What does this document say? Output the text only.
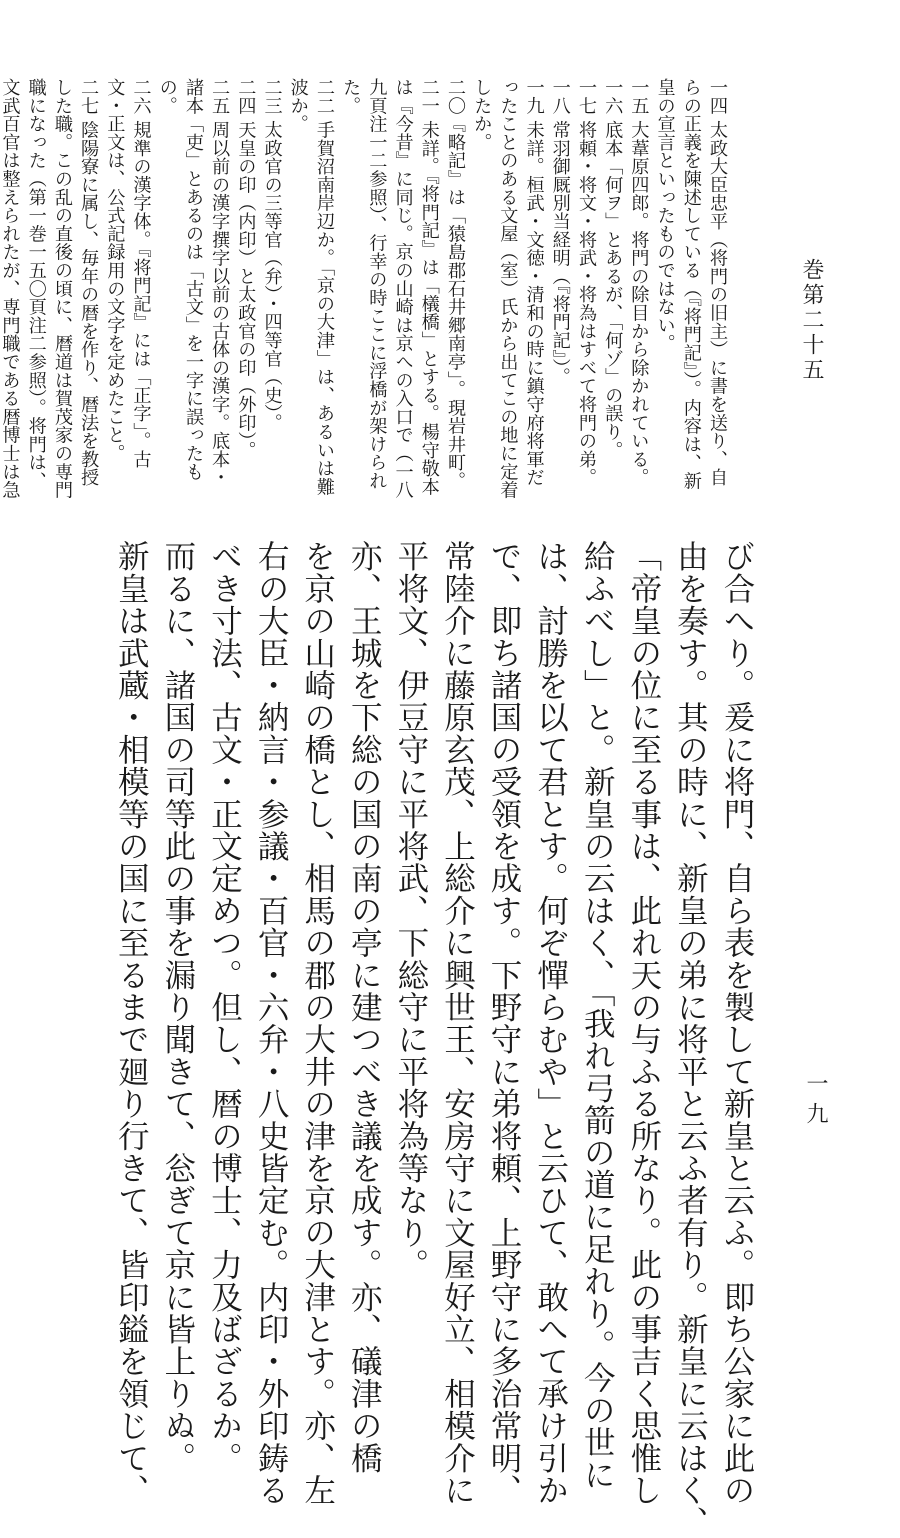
一四 太政大臣忠平（将門の旧主）に書を送り、自らの正義を陳述している（『将門記』）。内容は、新皇の宣言といったものではない。
一五 大葦原四郎。将門の除目から除かれている。
一六 底本「何ヲ」とあるが、「何ゾ」の誤り。
一七 将頼・将文・将武・将為はすべて将門の弟。
一八 常羽御厩別当経明（『将門記』）。
一九 未詳。桓武・文徳・清和の時に鎮守府将軍だったことのある文屋（室）氏から出てこの地に定着したか。
二〇『略記』は「猿島郡石井郷南亭」。現岩井町。
二一 未詳。『将門記』は「檥橋」とする。楊守敬本は『今昔』に同じ。京の山崎は京への入口で（一八九頁注一二参照）、行幸の時ここに浮橋が架けられた。
二二 手賀沼南岸辺か。「京の大津」は、あるいは難波か。
二三 太政官の三等官（弁）・四等官（史）。
二四 天皇の印（内印）と太政官の印（外印）。
二五 周以前の漢字撰字以前の古体の漢字。底本・諸本「吏」とあるのは「古文」を一字に誤ったもの。
二六 規準の漢字体。『将門記』には「正字」。古文・正文は、公式記録用の文字を定めたこと。
二七 陰陽寮に属し、毎年の暦を作り、暦法を教授した職。この乱の直後の頃に、暦道は賀茂家の専門職になった（第一巻一五〇頁注二参照）。将門は、文武百官は整えられたが、専門職である暦博士は急
巻第二十五
び合へり。爰に将門、自ら表を製して新皇と云ふ。即ち公家に此の
由を奏す。其の時に、新皇の弟に将平と云ふ者有り。新皇に云はく、
「帝皇の位に至る事は、此れ天の与ふる所なり。此の事吉く思惟し
給ふべし」と。新皇の云はく、「我れ弓箭の道に足れり。今の世に
は、討勝を以て君とす。何ぞ憚らむや」と云ひて、敢へて承け引か
で、即ち諸国の受領を成す。下野守に弟将頼、上野守に多治常明、
常陸介に藤原玄茂、上総介に興世王、安房守に文屋好立、相模介に
平将文、伊豆守に平将武、下総守に平将為等なり。
亦、王城を下総の国の南の亭に建つべき議を成す。亦、礒津の橋
を京の山崎の橋とし、相馬の郡の大井の津を京の大津とす。亦、左
右の大臣・納言・参議・百官・六弁・八史皆定む。内印・外印鋳る
べき寸法、古文・正文定めつ。但し、暦の博士、力及ばざるか。
而るに、諸国の司等此の事を漏り聞きて、忩ぎて京に皆上りぬ。
新皇は武蔵・相模等の国に至るまで廻り行きて、皆印鎰を領じて、	一九
